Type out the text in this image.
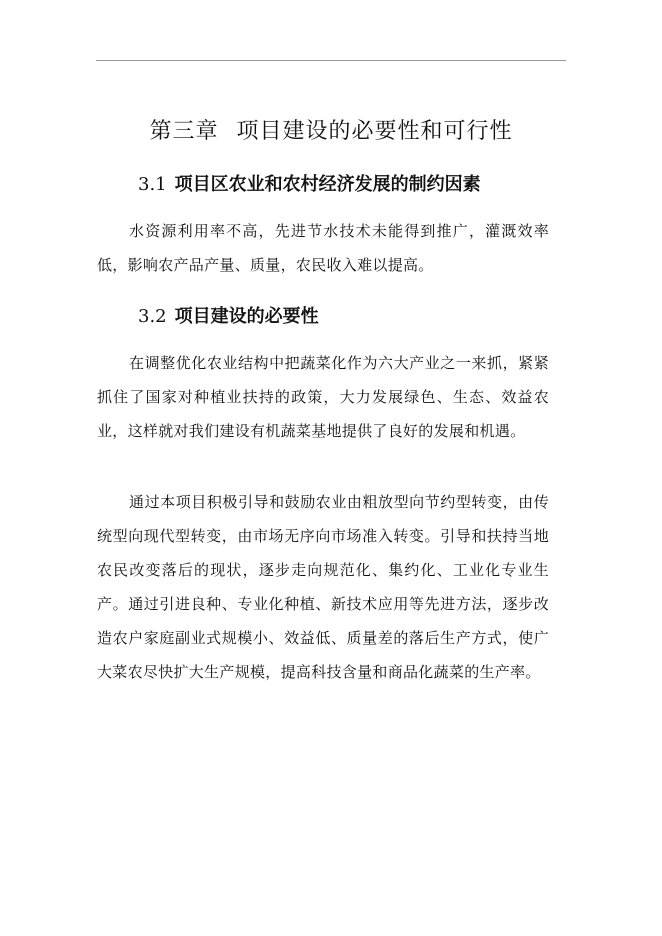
第三章 项目建设的必要性和可行性
3.1 项目区农业和农村经济发展的制约因素

水资源利用率不高，先进节水技术未能得到推广，灌溉效率低，影响农产品产量、质量，农民收入难以提高。

3.2 项目建设的必要性

在调整优化农业结构中把蔬菜化作为六大产业之一来抓，紧紧抓住了国家对种植业扶持的政策，大力发展绿色、生态、效益农业，这样就对我们建设有机蔬菜基地提供了良好的发展和机遇。

通过本项目积极引导和鼓励农业由粗放型向节约型转变，由传统型向现代型转变，由市场无序向市场准入转变。引导和扶持当地农民改变落后的现状，逐步走向规范化、集约化、工业化专业生产。通过引进良种、专业化种植、新技术应用等先进方法，逐步改造农户家庭副业式规模小、效益低、质量差的落后生产方式，使广大菜农尽快扩大生产规模，提高科技含量和商品化蔬菜的生产率。
